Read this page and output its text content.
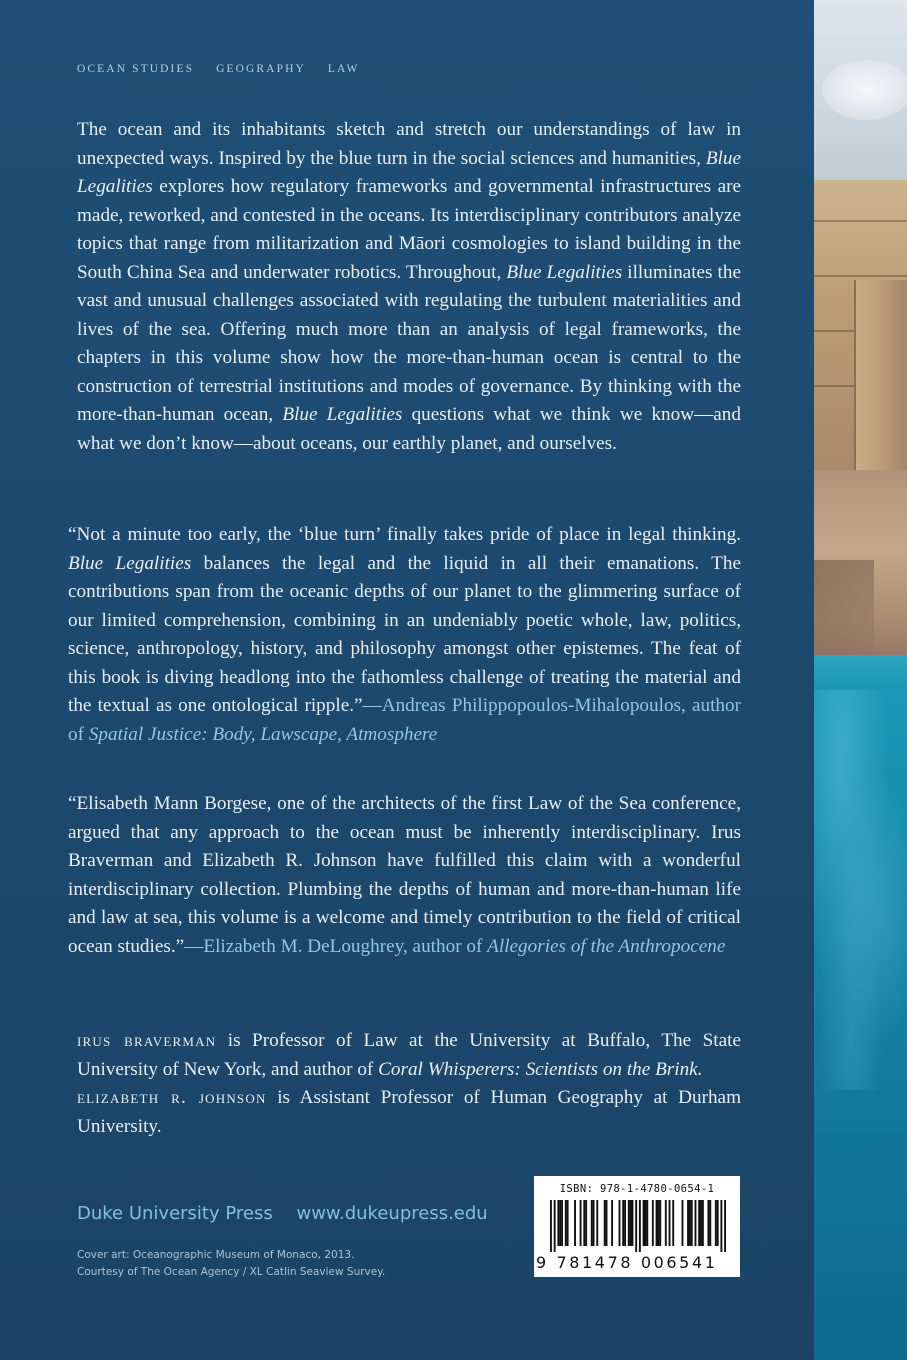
OCEAN STUDIES GEOGRAPHY LAW
The ocean and its inhabitants sketch and stretch our understandings of law in unexpected ways. Inspired by the blue turn in the social sciences and humanities, Blue Legalities explores how regulatory frameworks and governmental infrastructures are made, reworked, and contested in the oceans. Its interdisciplinary contributors analyze topics that range from militarization and Māori cosmologies to island building in the South China Sea and underwater robotics. Throughout, Blue Legalities illuminates the vast and unusual challenges associated with regulating the turbulent materialities and lives of the sea. Offering much more than an analysis of legal frameworks, the chapters in this volume show how the more-than-human ocean is central to the construction of terrestrial institutions and modes of governance. By thinking with the more-than-human ocean, Blue Legalities questions what we think we know—and what we don’t know—about oceans, our earthly planet, and ourselves.
“Not a minute too early, the ‘blue turn’ finally takes pride of place in legal thinking. Blue Legalities balances the legal and the liquid in all their emanations. The contributions span from the oceanic depths of our planet to the glimmering surface of our limited comprehension, combining in an undeniably poetic whole, law, politics, science, anthropology, history, and philosophy amongst other epistemes. The feat of this book is diving headlong into the fathomless challenge of treating the material and the textual as one ontological ripple.”—Andreas Philippopoulos-Mihalopoulos, author of Spatial Justice: Body, Lawscape, Atmosphere
“Elisabeth Mann Borgese, one of the architects of the first Law of the Sea conference, argued that any approach to the ocean must be inherently interdisciplinary. Irus Braverman and Elizabeth R. Johnson have fulfilled this claim with a wonderful interdisciplinary collection. Plumbing the depths of human and more-than-human life and law at sea, this volume is a welcome and timely contribution to the field of critical ocean studies.”—Elizabeth M. DeLoughrey, author of Allegories of the Anthropocene
irus braverman is Professor of Law at the University at Buffalo, The State University of New York, and author of Coral Whisperers: Scientists on the Brink.
elizabeth r. johnson is Assistant Professor of Human Geography at Durham University.
Duke University Press www.dukeupress.edu
Cover art: Oceanographic Museum of Monaco, 2013.
Courtesy of The Ocean Agency / XL Catlin Seaview Survey.
ISBN: 978-1-4780-0654-1
9 781478 006541
